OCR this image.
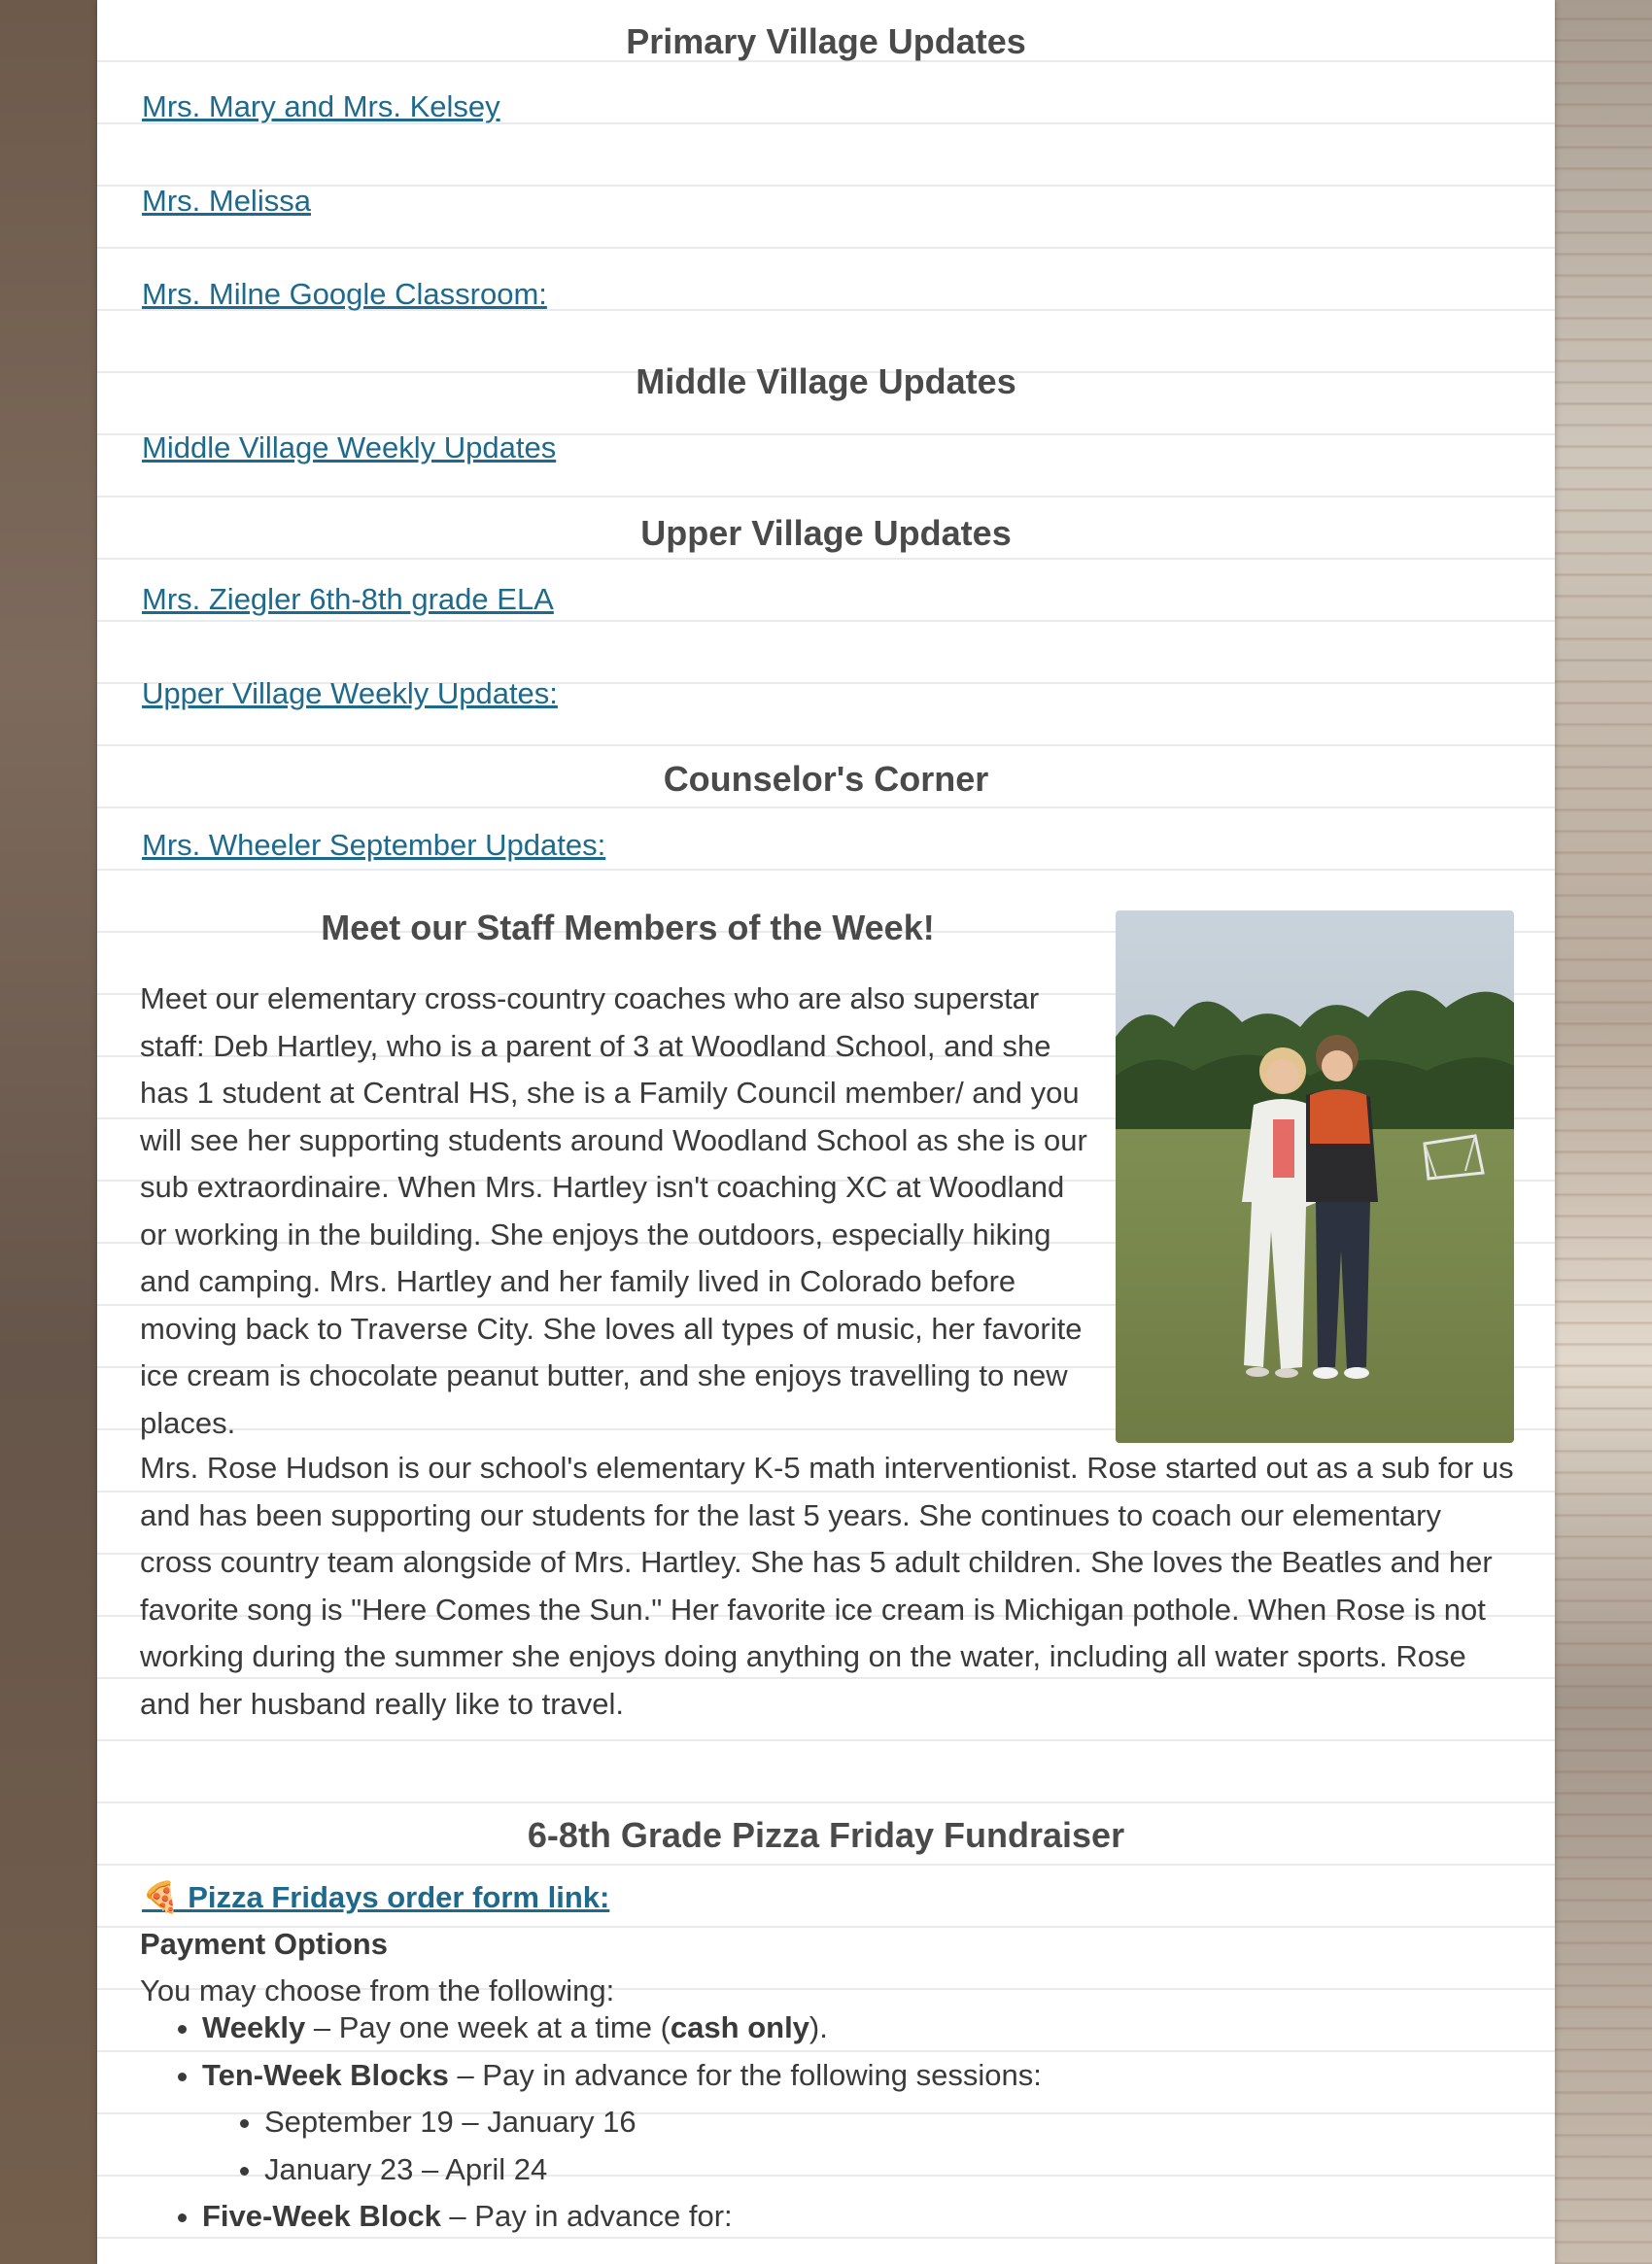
Primary Village Updates
Mrs. Mary and Mrs. Kelsey
Mrs. Melissa
Mrs. Milne Google Classroom:
Middle Village Updates
Middle Village Weekly Updates
Upper Village Updates
Mrs. Ziegler 6th-8th grade ELA
Upper Village Weekly Updates:
Counselor's Corner
Mrs. Wheeler September Updates:
Meet our Staff Members of the Week!

Meet our elementary cross-country coaches who are also superstar staff: Deb Hartley, who is a parent of 3 at Woodland School, and she has 1 student at Central HS, she is a Family Council member/ and you will see her supporting students around Woodland School as she is our sub extraordinaire. When Mrs. Hartley isn't coaching XC at Woodland or working in the building. She enjoys the outdoors, especially hiking and camping. Mrs. Hartley and her family lived in Colorado before moving back to Traverse City. She loves all types of music, her favorite ice cream is chocolate peanut butter, and she enjoys travelling to new places.

Mrs. Rose Hudson is our school's elementary K-5 math interventionist. Rose started out as a sub for us and has been supporting our students for the last 5 years. She continues to coach our elementary cross country team alongside of Mrs. Hartley. She has 5 adult children. She loves the Beatles and her favorite song is "Here Comes the Sun." Her favorite ice cream is Michigan pothole. When Rose is not working during the summer she enjoys doing anything on the water, including all water sports. Rose and her husband really like to travel.

6-8th Grade Pizza Friday Fundraiser
🍕 Pizza Fridays order form link:
Payment Options
You may choose from the following:
• Weekly – Pay one week at a time (cash only).
• Ten-Week Blocks – Pay in advance for the following sessions:
• September 19 – January 16
• January 23 – April 24
• Five-Week Block – Pay in advance for:
